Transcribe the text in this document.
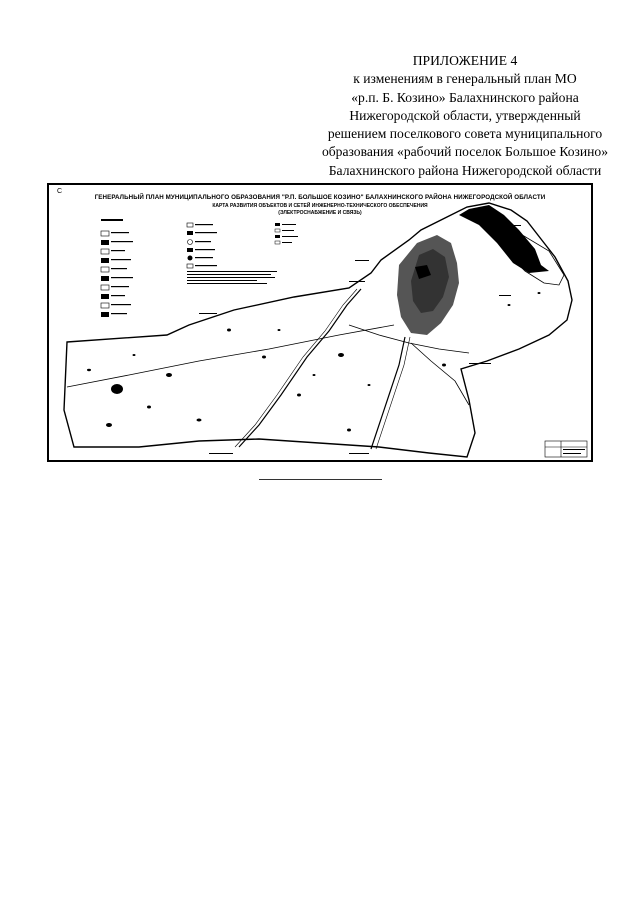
ПРИЛОЖЕНИЕ 4
к изменениям в генеральный план МО
«р.п. Б. Козино» Балахнинского района
Нижегородской области, утвержденный
решением поселкового совета муниципального
образования «рабочий поселок Большое Козино»
Балахнинского района Нижегородской области
С
ГЕНЕРАЛЬНЫЙ ПЛАН МУНИЦИПАЛЬНОГО ОБРАЗОВАНИЯ "Р.П. БОЛЬШОЕ КОЗИНО" БАЛАХНИНСКОГО РАЙОНА НИЖЕГОРОДСКОЙ ОБЛАСТИ
КАРТА РАЗВИТИЯ ОБЪЕКТОВ И СЕТЕЙ ИНЖЕНЕРНО-ТЕХНИЧЕСКОГО ОБЕСПЕЧЕНИЯ
(ЭЛЕКТРОСНАБЖЕНИЕ И СВЯЗЬ)
